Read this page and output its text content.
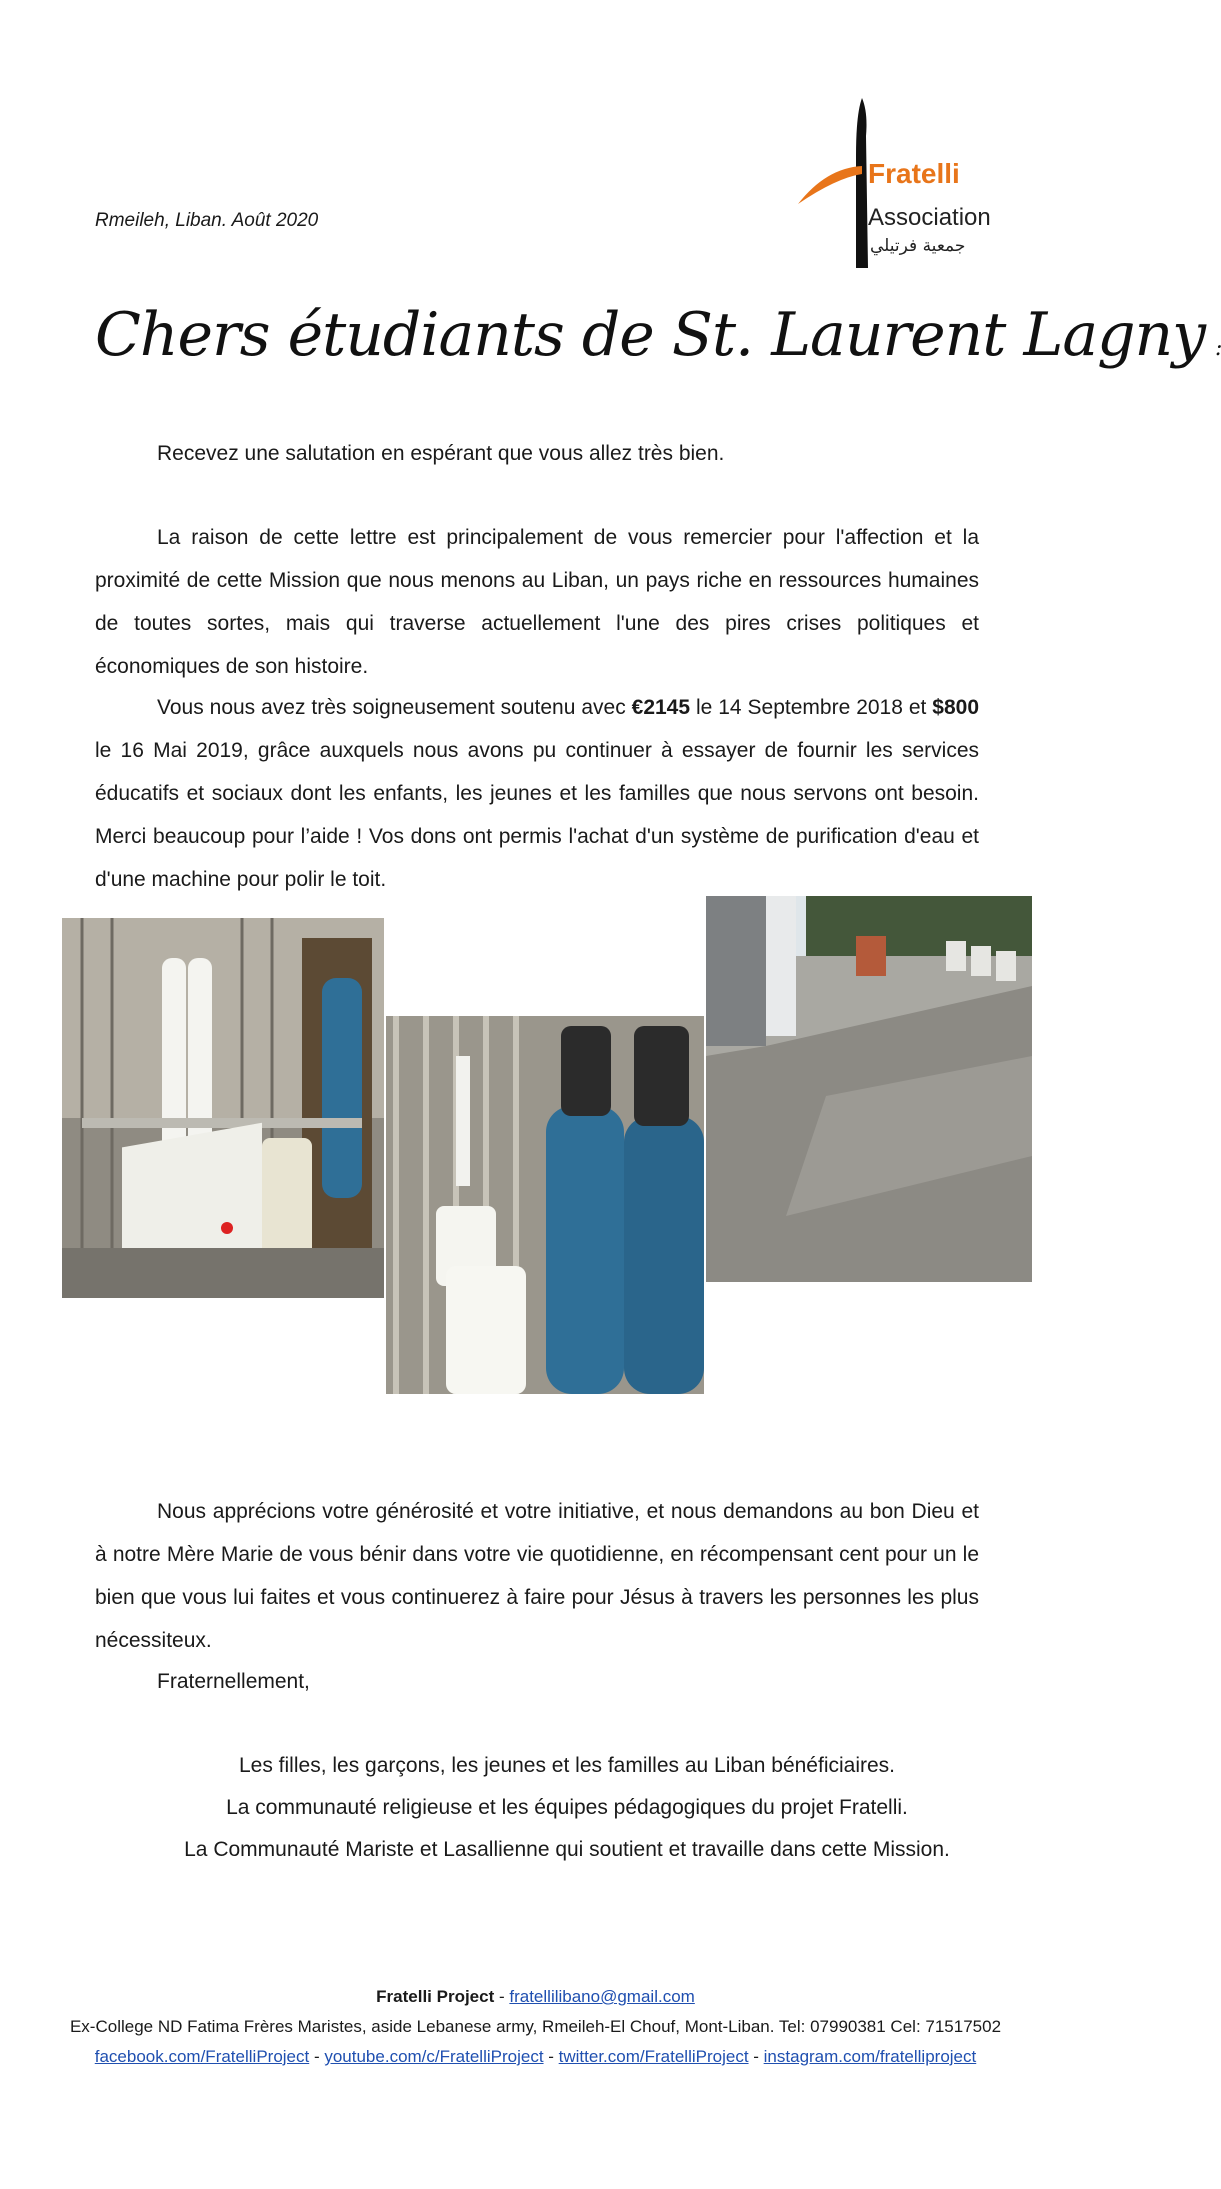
Rmeileh, Liban. Août 2020
Fratelli
Association
جمعية فرتيلي
Chers étudiants de St. Laurent Lagny :
Recevez une salutation en espérant que vous allez très bien.
La raison de cette lettre est principalement de vous remercier pour l'affection et la proximité de cette Mission que nous menons au Liban, un pays riche en ressources humaines de toutes sortes, mais qui traverse actuellement l'une des pires crises politiques et économiques de son histoire.
Vous nous avez très soigneusement soutenu avec €2145 le 14 Septembre 2018 et $800 le 16 Mai 2019, grâce auxquels nous avons pu continuer à essayer de fournir les services éducatifs et sociaux dont les enfants, les jeunes et les familles que nous servons ont besoin. Merci beaucoup pour l’aide ! Vos dons ont permis l'achat d'un système de purification d'eau et d'une machine pour polir le toit.
Nous apprécions votre générosité et votre initiative, et nous demandons au bon Dieu et à notre Mère Marie de vous bénir dans votre vie quotidienne, en récompensant cent pour un le bien que vous lui faites et vous continuerez à faire pour Jésus à travers les personnes les plus nécessiteux.
Fraternellement,
Les filles, les garçons, les jeunes et les familles au Liban bénéficiaires.
La communauté religieuse et les équipes pédagogiques du projet Fratelli.
La Communauté Mariste et Lasallienne qui soutient et travaille dans cette Mission.
Fratelli Project - fratellilibano@gmail.com
Ex-College ND Fatima Frères Maristes, aside Lebanese army, Rmeileh-El Chouf, Mont-Liban. Tel: 07990381 Cel: 71517502
facebook.com/FratelliProject - youtube.com/c/FratelliProject - twitter.com/FratelliProject - instagram.com/fratelliproject
